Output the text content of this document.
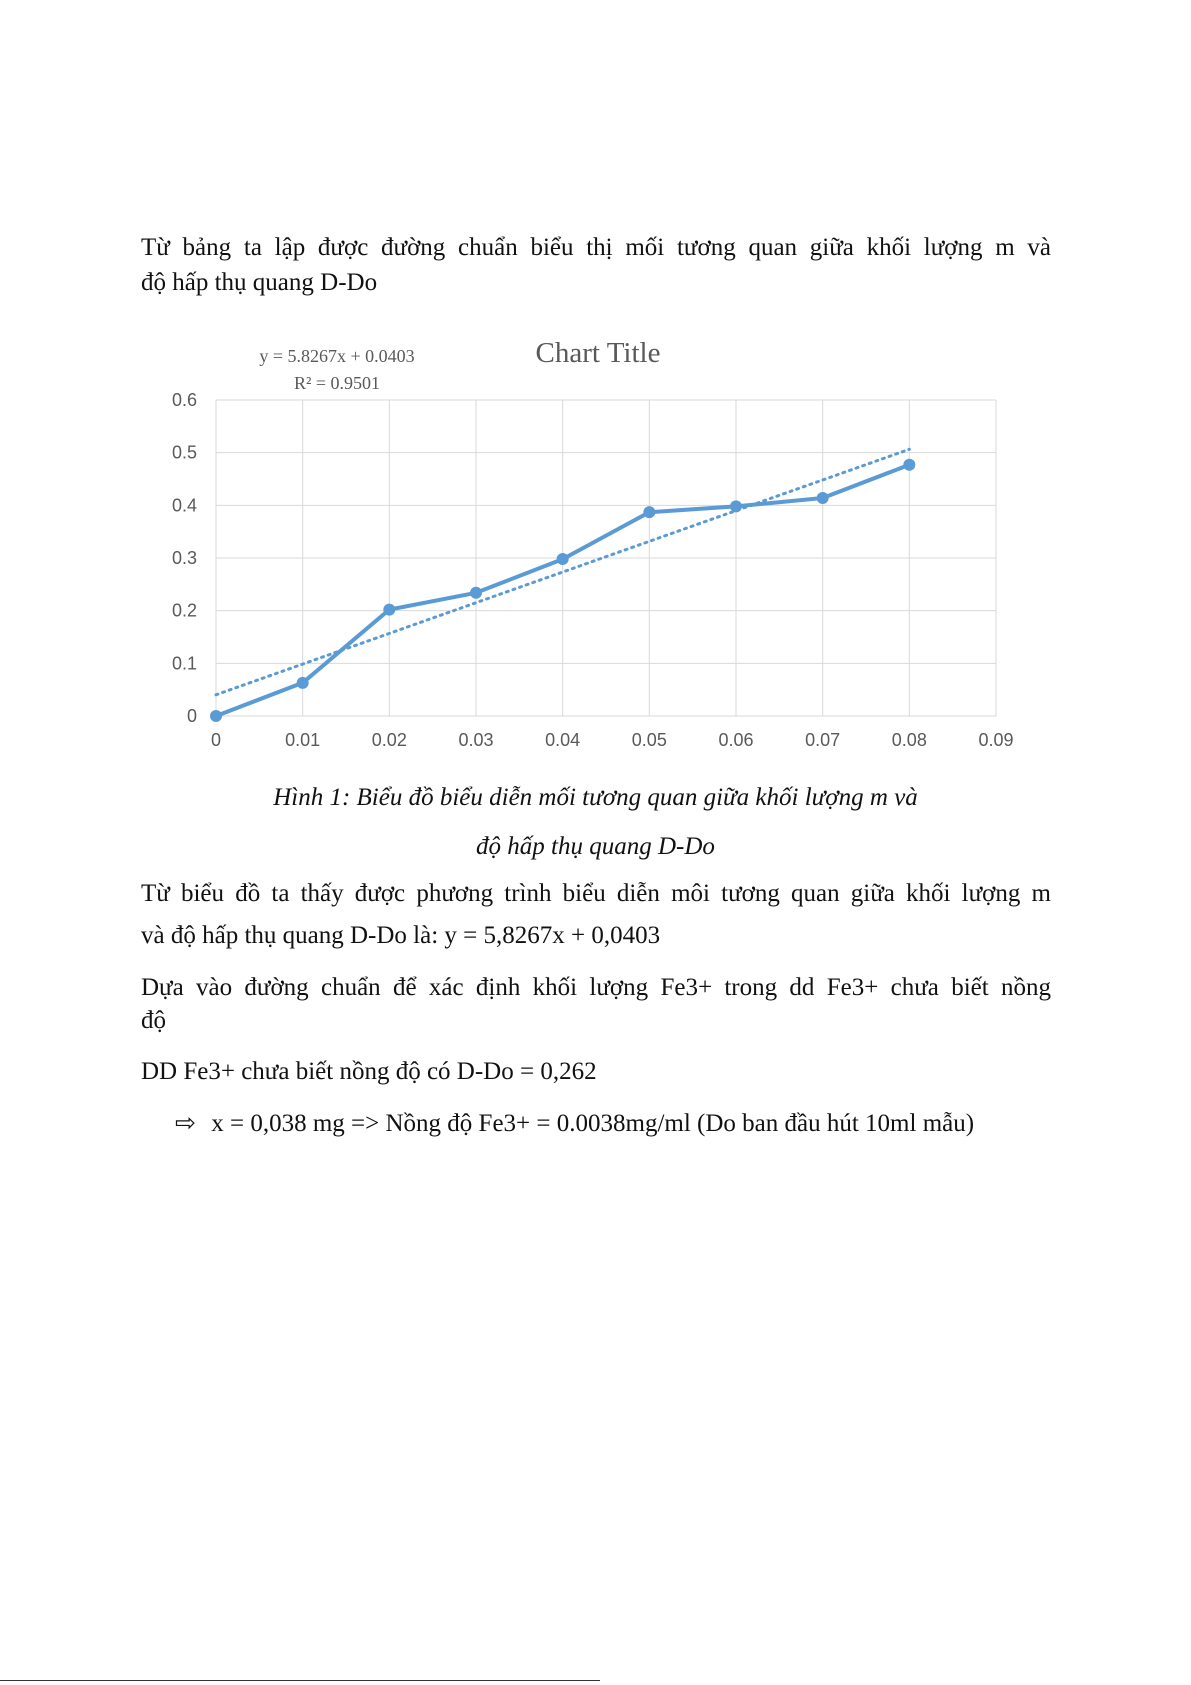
Từ bảng ta lập được đường chuẩn biểu thị mối tương quan giữa khối lượng m và

độ hấp thụ quang D-Do

0	0.01	0.02	0.03	0.04	0.05	0.06	0.07	0.08	0.09
0
0.1
0.2
0.3
0.4
0.5
0.6
y = 5.8267x + 0.0403
R² = 0.9501
Chart Title

Hình 1: Biểu đồ biểu diễn mối tương quan giữa khối lượng m và

độ hấp thụ quang D-Do

Từ biểu đồ ta thấy được phương trình biểu diễn môi tương quan giữa khối lượng m

và độ hấp thụ quang D-Do là: y = 5,8267x + 0,0403

Dựa vào đường chuẩn để xác định khối lượng Fe3+ trong dd Fe3+ chưa biết nồng

độ

DD Fe3+ chưa biết nồng độ có D-Do = 0,262

⇨ x = 0,038 mg => Nồng độ Fe3+ = 0.0038mg/ml (Do ban đầu hút 10ml mẫu)
